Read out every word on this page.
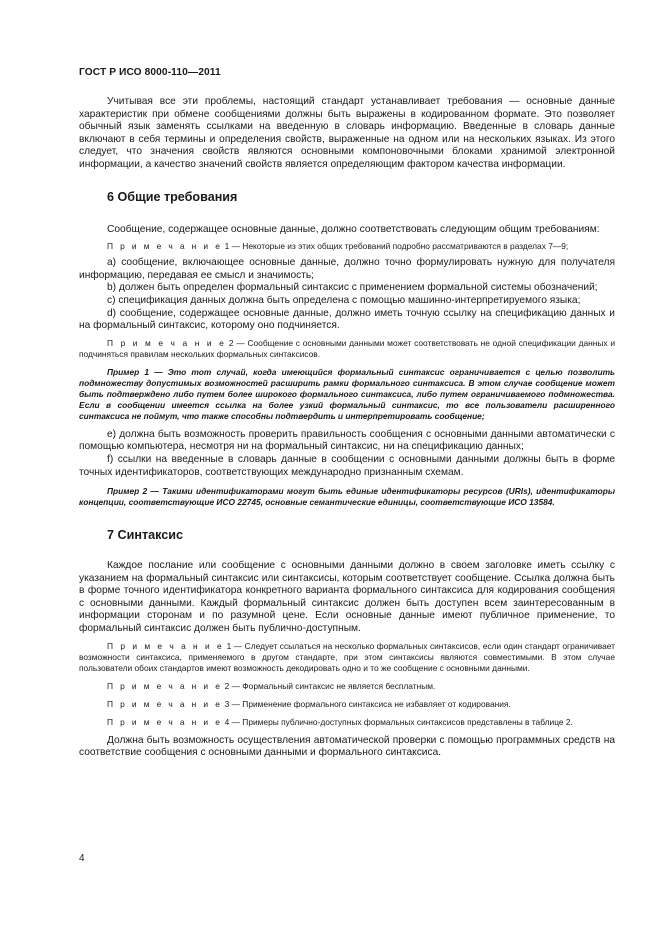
ГОСТ Р ИСО 8000-110—2011

Учитывая все эти проблемы, настоящий стандарт устанавливает требования — основные данные характеристик при обмене сообщениями должны быть выражены в кодированном формате. Это позволяет обычный язык заменять ссылками на введенную в словарь информацию. Введенные в словарь данные включают в себя термины и определения свойств, выраженные на одном или на нескольких языках. Из этого следует, что значения свойств являются основными компоновочными блоками хранимой электронной информации, а качество значений свойств является определяющим фактором качества информации.

6 Общие требования

Сообщение, содержащее основные данные, должно соответствовать следующим общим требованиям:

П р и м е ч а н и е 1 — Некоторые из этих общих требований подробно рассматриваются в разделах 7—9;

a) сообщение, включающее основные данные, должно точно формулировать нужную для получателя информацию, передавая ее смысл и значимость;

b) должен быть определен формальный синтаксис с применением формальной системы обозначений;

c) спецификация данных должна быть определена с помощью машинно-интерпретируемого языка;

d) сообщение, содержащее основные данные, должно иметь точную ссылку на спецификацию данных и на формальный синтаксис, которому оно подчиняется.

П р и м е ч а н и е 2 — Сообщение с основными данными может соответствовать не одной спецификации данных и подчиняться правилам нескольких формальных синтаксисов.

Пример 1 — Это тот случай, когда имеющийся формальный синтаксис ограничивается с целью позволить подмножеству допустимых возможностей расширить рамки формального синтаксиса. В этом случае сообщение может быть подтверждено либо путем более широкого формального синтаксиса, либо путем ограничиваемого подмножества. Если в сообщении имеется ссылка на более узкий формальный синтаксис, то все пользователи расширенного синтаксиса не поймут, что также способны подтвердить и интерпретировать сообщение;

e) должна быть возможность проверить правильность сообщения с основными данными автоматически с помощью компьютера, несмотря ни на формальный синтаксис, ни на спецификацию данных;

f) ссылки на введенные в словарь данные в сообщении с основными данными должны быть в форме точных идентификаторов, соответствующих международно признанным схемам.

Пример 2 — Такими идентификаторами могут быть единые идентификаторы ресурсов (URIs), идентификаторы концепции, соответствующие ИСО 22745, основные семантические единицы, соответствующие ИСО 13584.

7 Синтаксис

Каждое послание или сообщение с основными данными должно в своем заголовке иметь ссылку с указанием на формальный синтаксис или синтаксисы, которым соответствует сообщение. Ссылка должна быть в форме точного идентификатора конкретного варианта формального синтаксиса для кодирования сообщения с основными данными. Каждый формальный синтаксис должен быть доступен всем заинтересованным в информации сторонам и по разумной цене. Если основные данные имеют публичное применение, то формальный синтаксис должен быть публично-доступным.

П р и м е ч а н и е 1 — Следует ссылаться на несколько формальных синтаксисов, если один стандарт ограничивает возможности синтаксиса, применяемого в другом стандарте, при этом синтаксисы являются совместимыми. В этом случае пользователи обоих стандартов имеют возможность декодировать одно и то же сообщение с основными данными.

П р и м е ч а н и е 2 — Формальный синтаксис не является бесплатным.

П р и м е ч а н и е 3 — Применение формального синтаксиса не избавляет от кодирования.

П р и м е ч а н и е 4 — Примеры публично-доступных формальных синтаксисов представлены в таблице 2.

Должна быть возможность осуществления автоматической проверки с помощью программных средств на соответствие сообщения с основными данными и формального синтаксиса.

4
